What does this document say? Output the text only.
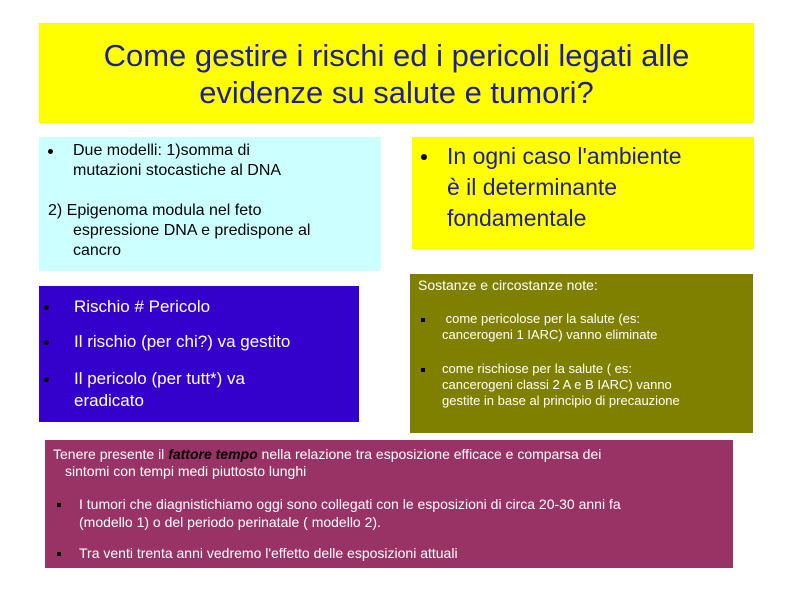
Come gestire i rischi ed i pericoli legati alle
evidenze su salute e tumori?
Due modelli: 1)somma di
mutazioni stocastiche al DNA
2) Epigenoma modula nel feto
espressione DNA e predispone al
cancro
In ogni caso l'ambiente
è il determinante
fondamentale
Rischio # Pericolo
Il rischio (per chi?) va gestito
Il pericolo (per tutt*) va
eradicato
Sostanze e circostanze note:
come pericolose per la salute (es:
cancerogeni 1 IARC) vanno eliminate
come rischiose per la salute ( es:
cancerogeni classi 2 A e B IARC) vanno
gestite in base al principio di precauzione
Tenere presente il fattore tempo nella relazione tra esposizione efficace e comparsa dei
sintomi con tempi medi piuttosto lunghi
I tumori che diagnistichiamo oggi sono collegati con le esposizioni di circa 20-30 anni fa
(modello 1) o del periodo perinatale ( modello 2).
Tra venti trenta anni vedremo l'effetto delle esposizioni attuali
